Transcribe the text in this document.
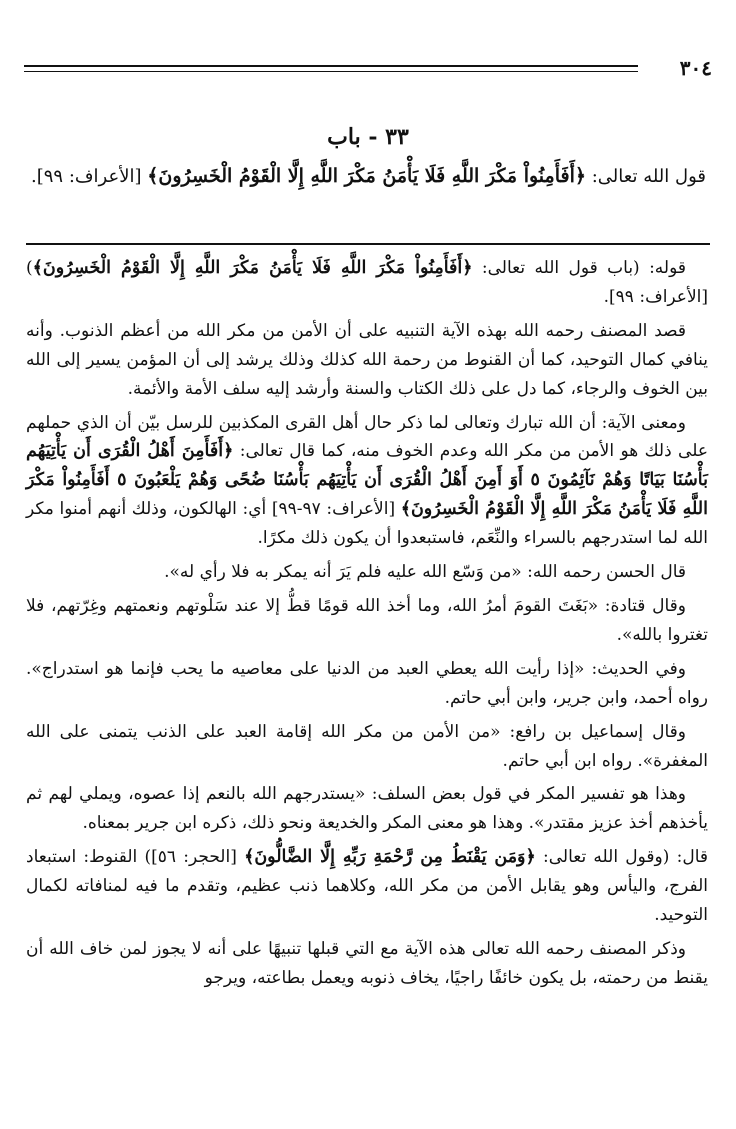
٣٠٤
٣٣ - باب

قول الله تعالى: ﴿أَفَأَمِنُواْ مَكْرَ اللَّهِ فَلَا يَأْمَنُ مَكْرَ اللَّهِ إِلَّا الْقَوْمُ الْخَسِرُونَ﴾ [الأعراف: ٩٩].

قوله: (باب قول الله تعالى: ﴿أَفَأَمِنُواْ مَكْرَ اللَّهِ فَلَا يَأْمَنُ مَكْرَ اللَّهِ إِلَّا الْقَوْمُ الْخَسِرُونَ﴾) [الأعراف: ٩٩].

قصد المصنف رحمه الله بهذه الآية التنبيه على أن الأمن من مكر الله من أعظم الذنوب. وأنه ينافي كمال التوحيد، كما أن القنوط من رحمة الله كذلك وذلك يرشد إلى أن المؤمن يسير إلى الله بين الخوف والرجاء، كما دل على ذلك الكتاب والسنة وأرشد إليه سلف الأمة والأئمة.

ومعنى الآية: أن الله تبارك وتعالى لما ذكر حال أهل القرى المكذبين للرسل بيّن أن الذي حملهم على ذلك هو الأمن من مكر الله وعدم الخوف منه، كما قال تعالى: ﴿أَفَأَمِنَ أَهْلُ الْقُرَى أَن يَأْتِيَهُم بَأْسُنَا بَيَاتًا وَهُمْ نَآئِمُونَ ٥ أَوَ أَمِنَ أَهْلُ الْقُرَى أَن يَأْتِيَهُم بَأْسُنَا ضُحًى وَهُمْ يَلْعَبُونَ ٥ أَفَأَمِنُواْ مَكْرَ اللَّهِ فَلَا يَأْمَنُ مَكْرَ اللَّهِ إِلَّا الْقَوْمُ الْخَسِرُونَ﴾ [الأعراف: ٩٧-٩٩] أي: الهالكون، وذلك أنهم أمنوا مكر الله لما استدرجهم بالسراء والنِّعَم، فاستبعدوا أن يكون ذلك مكرًا.

قال الحسن رحمه الله: «من وَسّع الله عليه فلم يَرَ أنه يمكر به فلا رأي له».

وقال قتادة: «بَغَتَ القومَ أمرُ الله، وما أخذ الله قومًا قطُّ إلا عند سَلْوتهم ونعمتهم وغِرّتهم، فلا تغتروا بالله».

وفي الحديث: «إذا رأيت الله يعطي العبد من الدنيا على معاصيه ما يحب فإنما هو استدراج». رواه أحمد، وابن جرير، وابن أبي حاتم.

وقال إسماعيل بن رافع: «من الأمن من مكر الله إقامة العبد على الذنب يتمنى على الله المغفرة». رواه ابن أبي حاتم.

وهذا هو تفسير المكر في قول بعض السلف: «يستدرجهم الله بالنعم إذا عصوه، ويملي لهم ثم يأخذهم أخذ عزيز مقتدر». وهذا هو معنى المكر والخديعة ونحو ذلك، ذكره ابن جرير بمعناه.

قال: (وقول الله تعالى: ﴿وَمَن يَقْنَطُ مِن رَّحْمَةِ رَبِّهِ إِلَّا الضَّالُّونَ﴾ [الحجر: ٥٦]) القنوط: استبعاد الفرج، واليأس وهو يقابل الأمن من مكر الله، وكلاهما ذنب عظيم، وتقدم ما فيه لمنافاته لكمال التوحيد.

وذكر المصنف رحمه الله تعالى هذه الآية مع التي قبلها تنبيهًا على أنه لا يجوز لمن خاف الله أن يقنط من رحمته، بل يكون خائفًا راجيًا، يخاف ذنوبه ويعمل بطاعته، ويرجو
